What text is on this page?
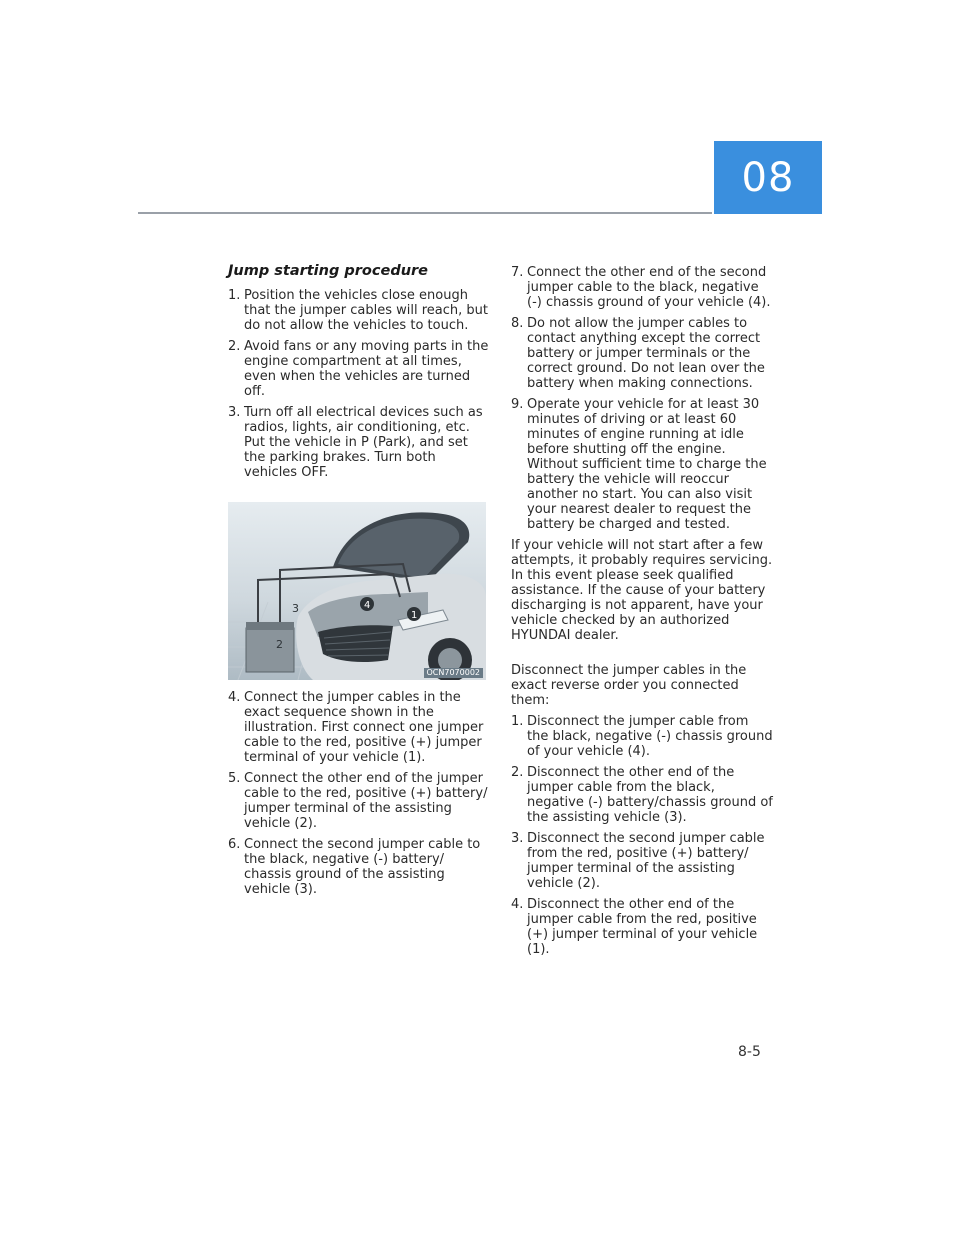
08
Jump starting procedure
1. Position the vehicles close enough that the jumper cables will reach, but do not allow the vehicles to touch.
2. Avoid fans or any moving parts in the engine compartment at all times, even when the vehicles are turned off.
3. Turn off all electrical devices such as radios, lights, air conditioning, etc. Put the vehicle in P (Park), and set the parking brakes. Turn both vehicles OFF.
1
4
3
2
OCN7070002
4. Connect the jumper cables in the exact sequence shown in the illustration. First connect one jumper cable to the red, positive (+) jumper terminal of your vehicle (1).
5. Connect the other end of the jumper cable to the red, positive (+) battery/ jumper terminal of the assisting vehicle (2).
6. Connect the second jumper cable to the black, negative (-) battery/ chassis ground of the assisting vehicle (3).
7. Connect the other end of the second jumper cable to the black, negative (-) chassis ground of your vehicle (4).
8. Do not allow the jumper cables to contact anything except the correct battery or jumper terminals or the correct ground. Do not lean over the battery when making connections.
9. Operate your vehicle for at least 30 minutes of driving or at least 60 minutes of engine running at idle before shutting off the engine. Without sufficient time to charge the battery the vehicle will reoccur another no start. You can also visit your nearest dealer to request the battery be charged and tested.

If your vehicle will not start after a few attempts, it probably requires servicing. In this event please seek qualified assistance. If the cause of your battery discharging is not apparent, have your vehicle checked by an authorized HYUNDAI dealer.

Disconnect the jumper cables in the exact reverse order you connected them:

1. Disconnect the jumper cable from the black, negative (-) chassis ground of your vehicle (4).
2. Disconnect the other end of the jumper cable from the black, negative (-) battery/chassis ground of the assisting vehicle (3).
3. Disconnect the second jumper cable from the red, positive (+) battery/ jumper terminal of the assisting vehicle (2).
4. Disconnect the other end of the jumper cable from the red, positive (+) jumper terminal of your vehicle (1).
8-5
